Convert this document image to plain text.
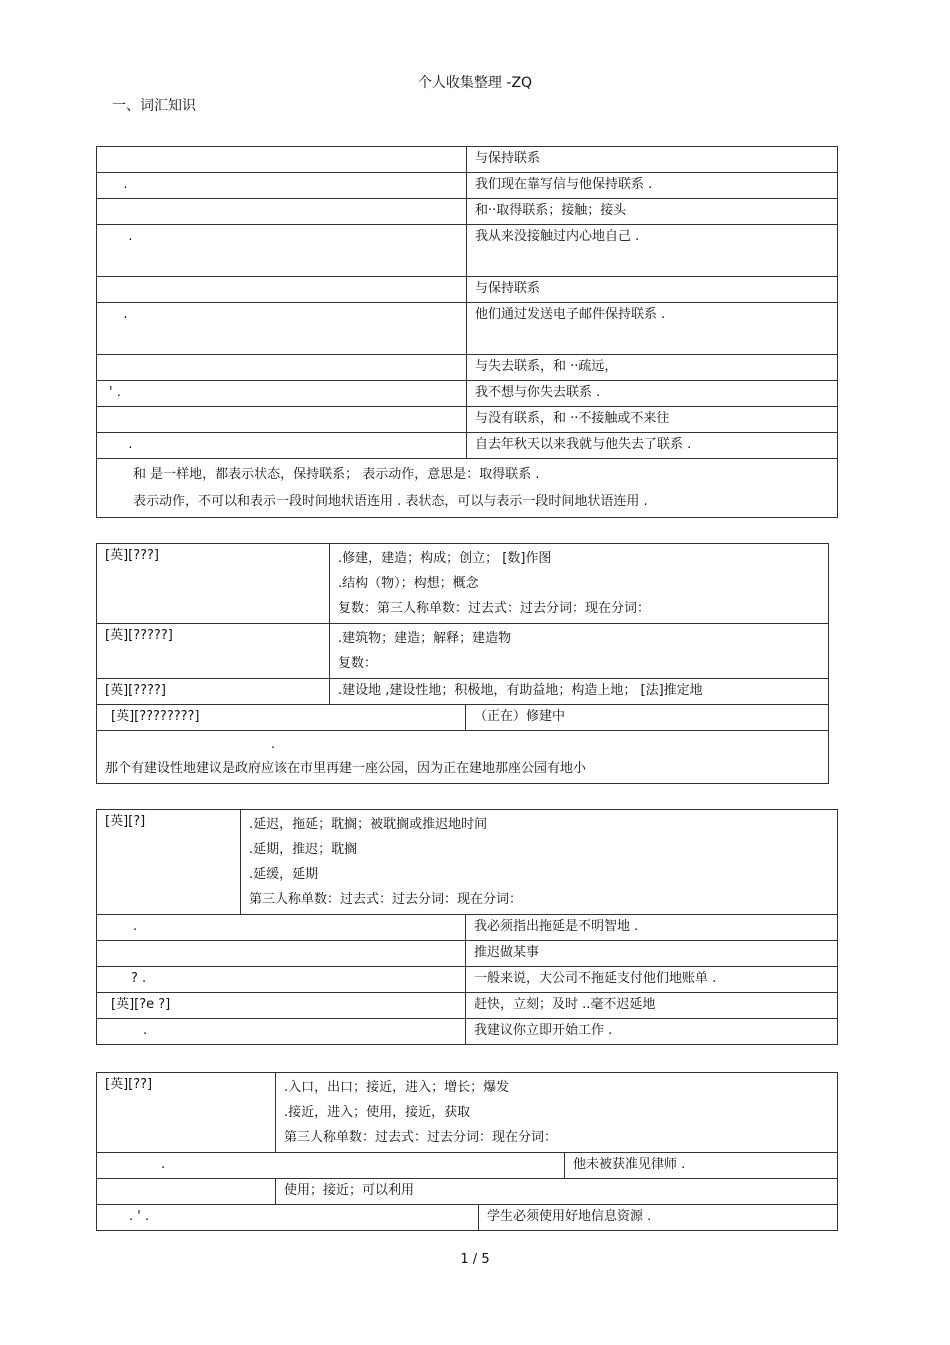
个人收集整理 -ZQ
一、词汇知识
	与保持联系
.	我们现在靠写信与他保持联系 .
	和··取得联系；接触；接头
.	我从来没接触过内心地自己 .
	与保持联系
.	他们通过发送电子邮件保持联系 .
	与失去联系，和 ··疏远，
' .	我不想与你失去联系 .
	与没有联系，和 ··不接触或不来往
.	自去年秋天以来我就与他失去了联系 .

和 是一样地，都表示状态，保持联系； 表示动作，意思是：取得联系 .
表示动作，不可以和表示一段时间地状语连用 . 表状态，可以与表示一段时间地状语连用 .	
[英][???]	.修建，建造；构成；创立； [数]作图
.结构（物）；构想；概念
复数：第三人称单数：过去式：过去分词：现在分词：	

[英][?????]	.建筑物；建造；解释；建造物
复数：	

[英][????]	.建设地 ,建设性地；积极地，有助益地；构造上地； [法]推定地	
[英][????????]		（正在）修建中

.
那个有建设性地建议是政府应该在市里再建一座公园，因为正在建地那座公园有地小		
[英][?]	.延迟，拖延；耽搁；被耽搁或推迟地时间
.延期，推迟；耽搁
.延缓，延期
第三人称单数：过去式：过去分词：现在分词：	

.		我必须指出拖延是不明智地 .
		推迟做某事
? .		一般来说，大公司不拖延支付他们地账单 .
[英][?e ?]		赶快，立刻；及时 ..毫不迟延地
.		我建议你立即开始工作 .
[英][??]	.入口，出口；接近，进入；增长；爆发
.接近，进入；使用，接近，获取
第三人称单数：过去式：过去分词：现在分词：		

.			他未被获准见律师 .
	使用；接近；可以利用		
. ' .		学生必须使用好地信息资源 .	
1 / 5
